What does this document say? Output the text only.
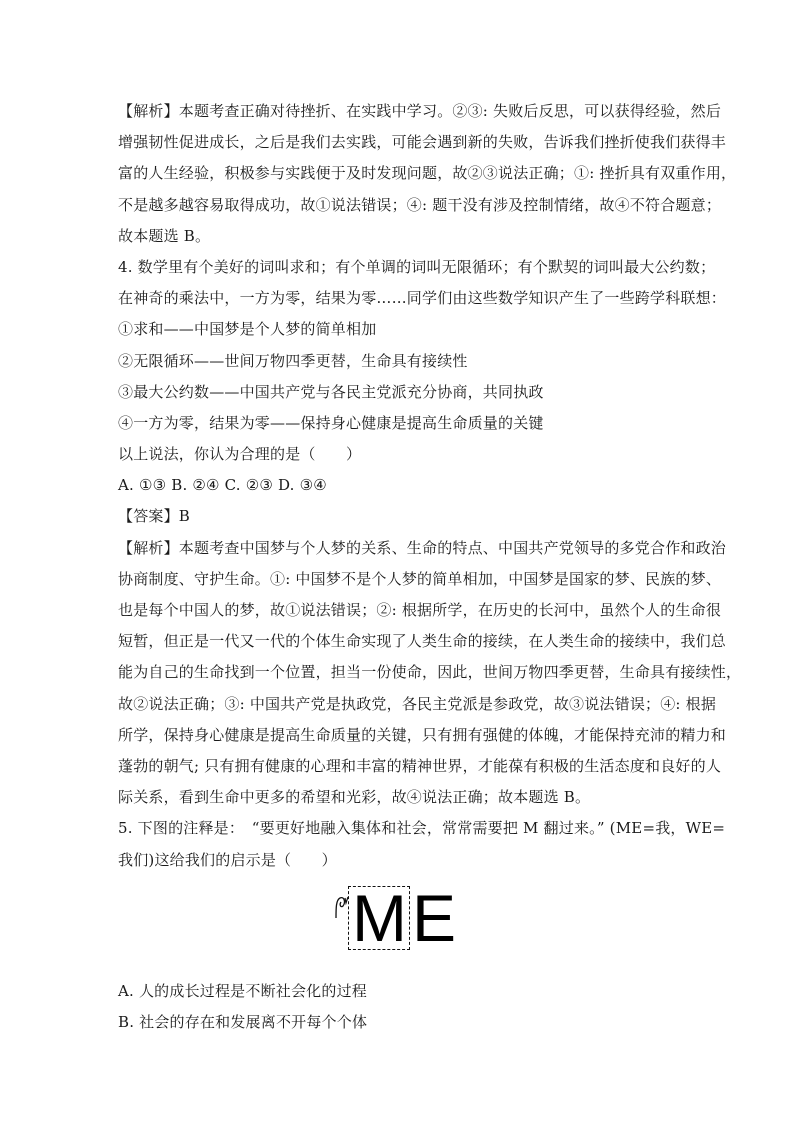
【解析】本题考查正确对待挫折、在实践中学习。②③: 失败后反思，可以获得经验，然后
增强韧性促进成长，之后是我们去实践，可能会遇到新的失败，告诉我们挫折使我们获得丰
富的人生经验，积极参与实践便于及时发现问题，故②③说法正确；①: 挫折具有双重作用，
不是越多越容易取得成功，故①说法错误；④: 题干没有涉及控制情绪，故④不符合题意；
故本题选 B。
4. 数学里有个美好的词叫求和；有个单调的词叫无限循环；有个默契的词叫最大公约数；
在神奇的乘法中，一方为零，结果为零……同学们由这些数学知识产生了一些跨学科联想：
①求和——中国梦是个人梦的简单相加
②无限循环——世间万物四季更替，生命具有接续性
③最大公约数——中国共产党与各民主党派充分协商，共同执政
④一方为零，结果为零——保持身心健康是提高生命质量的关键
以上说法，你认为合理的是（　　）
A. ①③ B. ②④ C. ②③ D. ③④
【答案】B
【解析】本题考查中国梦与个人梦的关系、生命的特点、中国共产党领导的多党合作和政治
协商制度、守护生命。①: 中国梦不是个人梦的简单相加，中国梦是国家的梦、民族的梦、
也是每个中国人的梦，故①说法错误；②: 根据所学，在历史的长河中，虽然个人的生命很
短暂，但正是一代又一代的个体生命实现了人类生命的接续，在人类生命的接续中，我们总
能为自己的生命找到一个位置，担当一份使命，因此，世间万物四季更替，生命具有接续性，
故②说法正确；③: 中国共产党是执政党，各民主党派是参政党，故③说法错误；④: 根据
所学，保持身心健康是提高生命质量的关键，只有拥有强健的体魄，才能保持充沛的精力和
蓬勃的朝气; 只有拥有健康的心理和丰富的精神世界，才能葆有积极的生活态度和良好的人
际关系，看到生命中更多的希望和光彩，故④说法正确；故本题选 B。
5. 下图的注释是：　“要更好地融入集体和社会，常常需要把 M 翻过来。” (ME=我，WE=
我们)这给我们的启示是（　　）
M E
A. 人的成长过程是不断社会化的过程
B. 社会的存在和发展离不开每个个体
